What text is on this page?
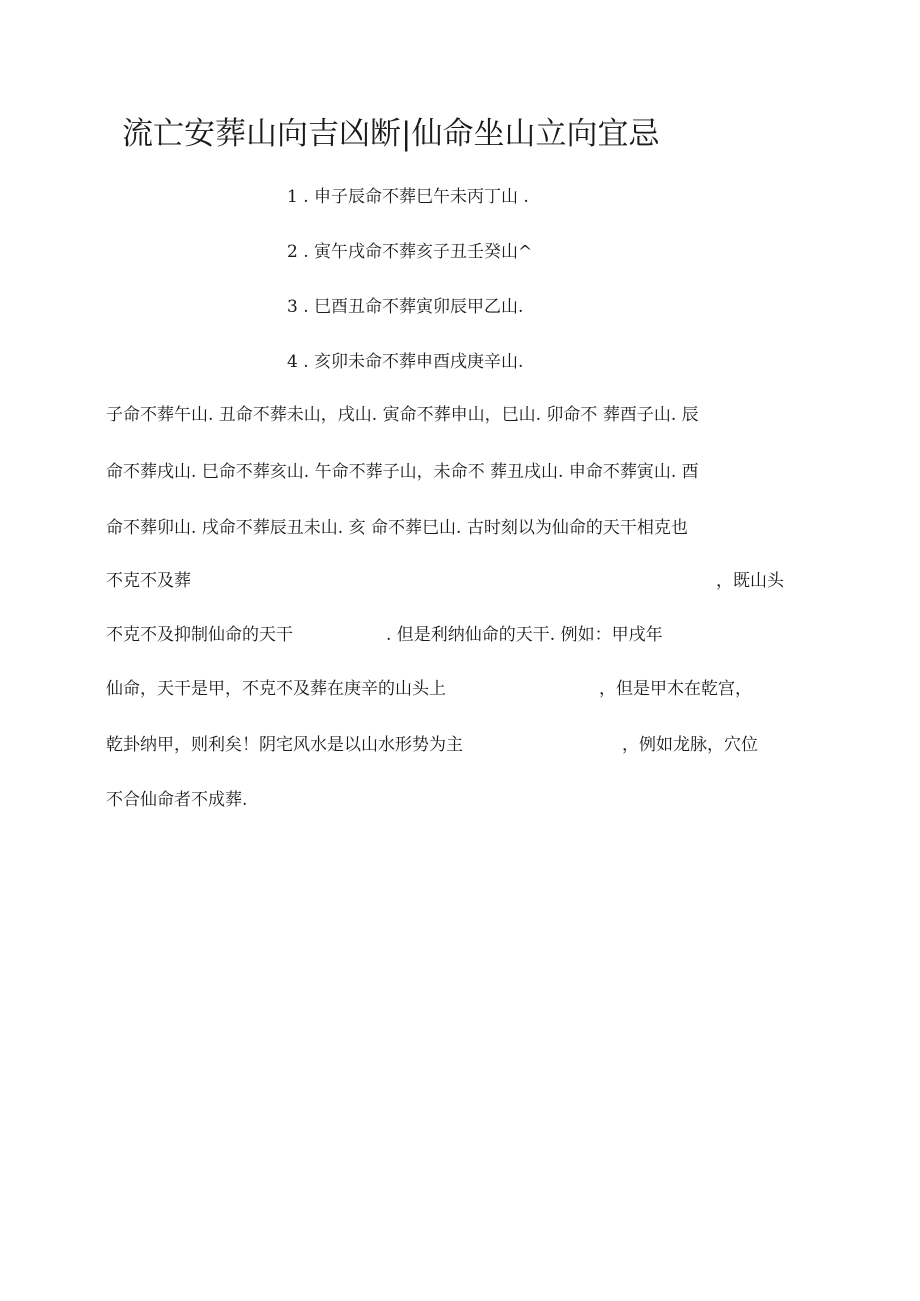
流亡安葬山向吉凶断|仙命坐山立向宜忌
1 . 申子辰命不葬巳午未丙丁山 .
2 . 寅午戌命不葬亥子丑壬癸山^
3 . 巳酉丑命不葬寅卯辰甲乙山.
4 . 亥卯未命不葬申酉戌庚辛山.
子命不葬午山. 丑命不葬未山，戌山. 寅命不葬申山，巳山. 卯命不 葬酉子山. 辰
命不葬戌山. 巳命不葬亥山. 午命不葬子山，未命不 葬丑戌山. 申命不葬寅山. 酉
命不葬卯山. 戌命不葬辰丑未山. 亥 命不葬巳山. 古时刻以为仙命的天干相克也
不克不及葬	，既山头
不克不及抑制仙命的天干	. 但是利纳仙命的天干. 例如：甲戌年
仙命，天干是甲，不克不及葬在庚辛的山头上	，但是甲木在乾宫，
乾卦纳甲，则利矣！阴宅风水是以山水形势为主	，例如龙脉，穴位
不合仙命者不成葬.
